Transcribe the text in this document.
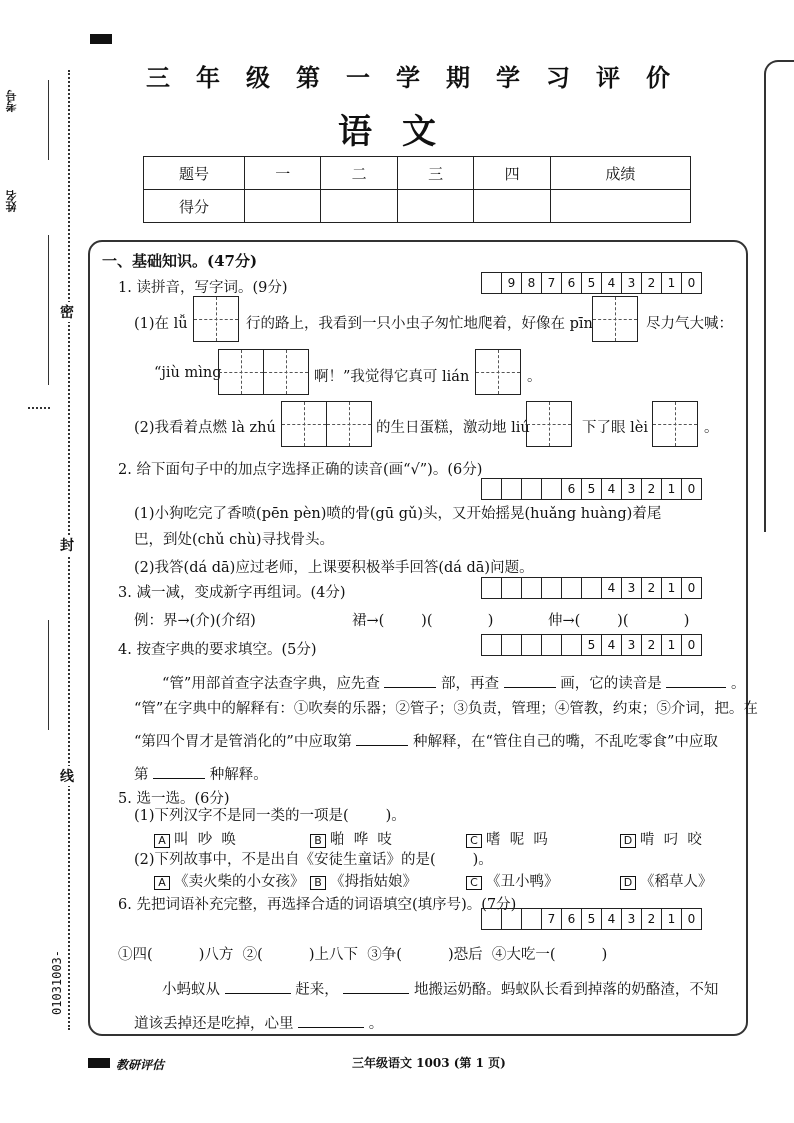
考号
姓名
密
封
线
01031003-
三年级第一学期学习评价
语文
题号	一	二	三	四	成绩
得分					
一、基础知识。(47分)
1. 读拼音，写字词。(9分)	9	8	7	6	5	4	3	2	1	0
(1)在 lǚ	行的路上，我看到一只小虫子匆忙地爬着，好像在 pīn	尽力气大喊：
“jiù mìng	啊！”我觉得它真可 lián	。
(2)我看着点燃 là zhú	的生日蛋糕，激动地 liú	下了眼 lèi	。
2. 给下面句子中的加点字选择正确的读音(画“√”)。(6分)
6	5	4	3	2	1	0
(1)小狗吃完了香喷(pēn pèn)喷的骨(gū gǔ)头，又开始摇晃(huǎng huàng)着尾
巴，到处(chǔ chù)寻找骨头。
(2)我答(dá dā)应过老师，上课要积极举手回答(dá dā)问题。
3. 减一减，变成新字再组词。(4分)	4	3	2	1	0
例：界→(介)(介绍)	裙→(        )(            )	伸→(        )(            )
4. 按查字典的要求填空。(5分)	5	4	3	2	1	0
“管”用部首查字法查字典，应先查	部，再查	画，它的读音是	。
“管”在字典中的解释有：①吹奏的乐器；②管子；③负责，管理；④管教，约束；⑤介词，把。在
“第四个胃才是管消化的”中应取第	种解释，在“管住自己的嘴，不乱吃零食”中应取
第	种解释。
5. 选一选。(6分)
(1)下列汉字不是同一类的一项是(        )。
A 叫  吵  唤	B 啪  哗  吱	C 嗜  呢  吗	D 啃  叼  咬
(2)下列故事中，不是出自《安徒生童话》的是(        )。
A 《卖火柴的小女孩》 B 《拇指姑娘》	C 《丑小鸭》	D 《稻草人》
6. 先把词语补充完整，再选择合适的词语填空(填序号)。(7分)
7	6	5	4	3	2	1	0
①四(          )八方  ②(          )上八下  ③争(          )恐后  ④大吃一(          )
小蚂蚁从	赶来，	地搬运奶酪。蚂蚁队长看到掉落的奶酪渣，不知
道该丢掉还是吃掉，心里	。
教研评估	三年级语文 1003 (第 1 页)
